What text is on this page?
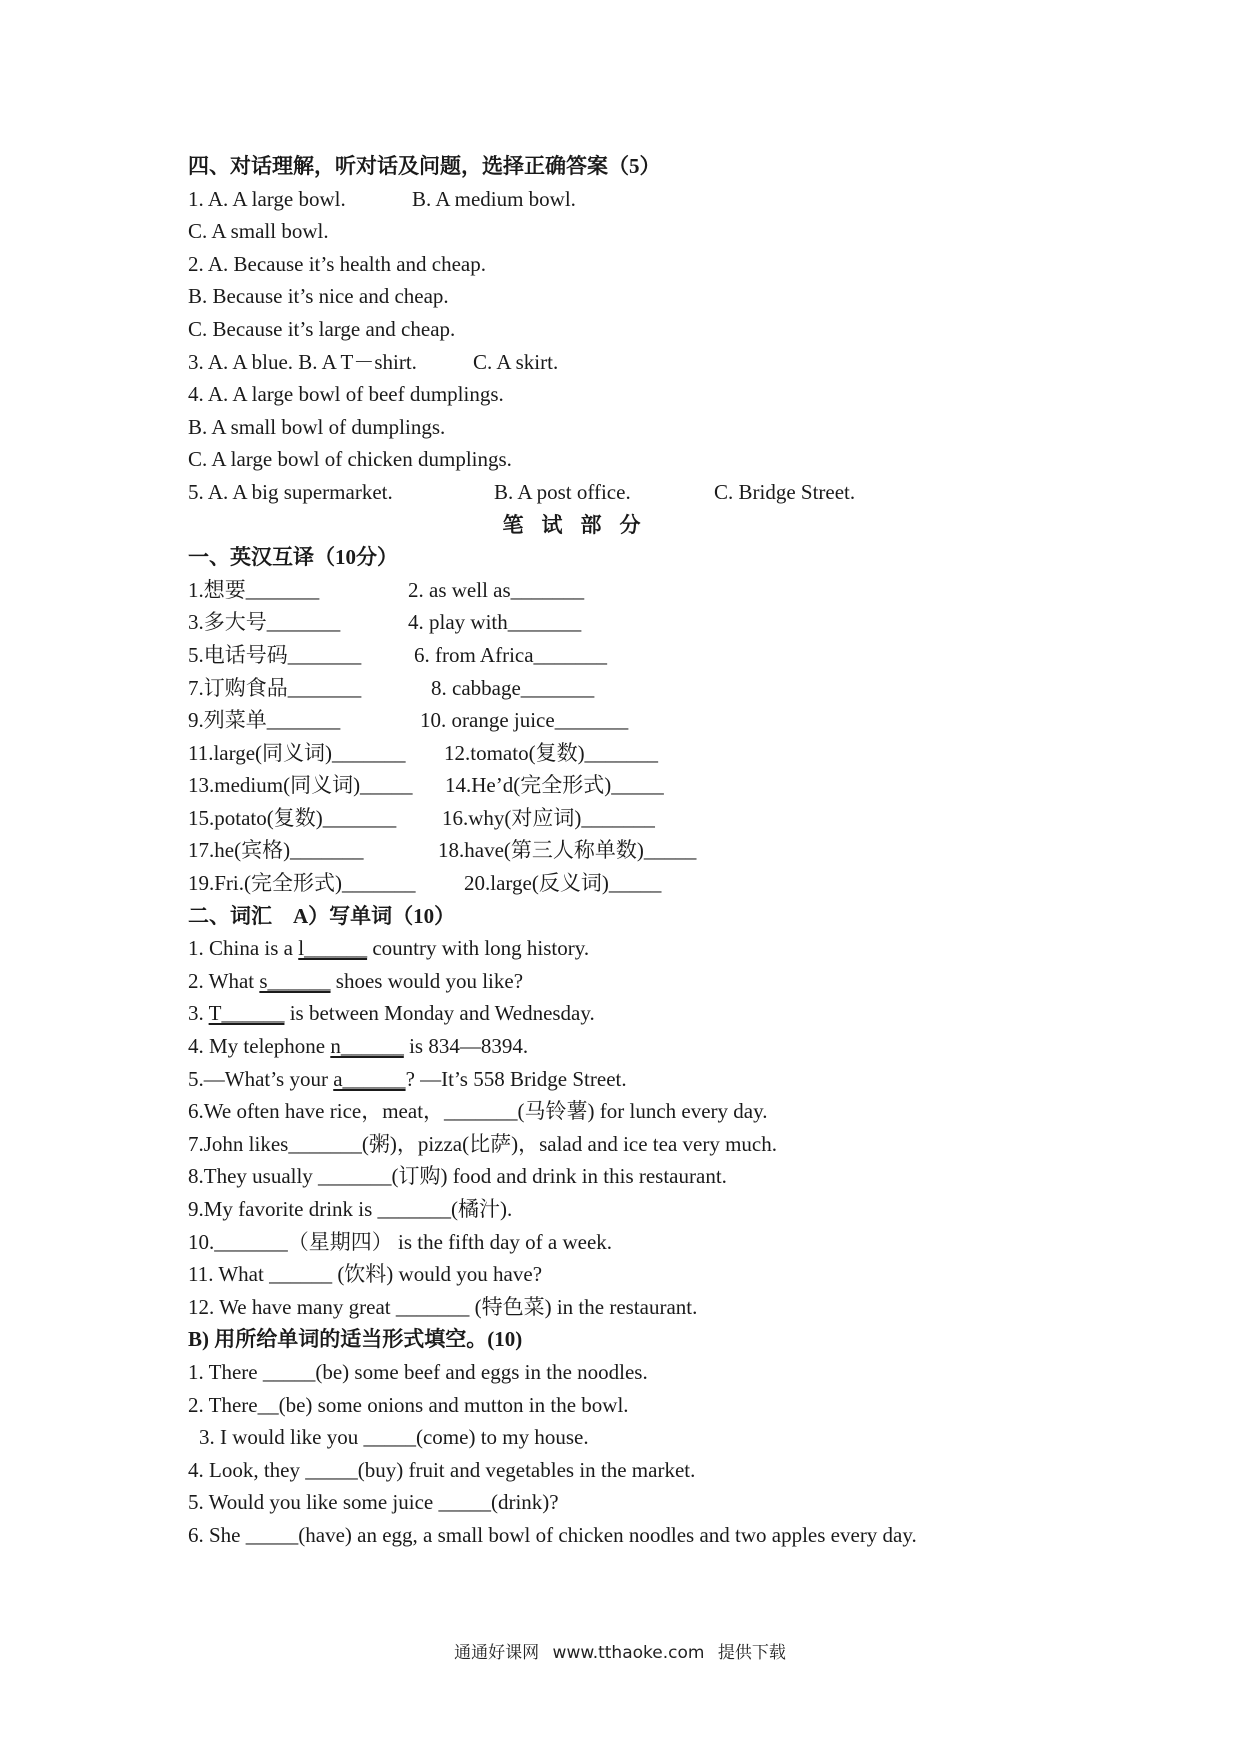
四、对话理解，听对话及问题，选择正确答案（5）
1. A. A large bowl.	B. A medium bowl.
C. A small bowl.
2. A. Because it’s health and cheap.
B. Because it’s nice and cheap.
C. Because it’s large and cheap.
3. A. A blue. B. A T－shirt.	C. A skirt.
4. A. A large bowl of beef dumplings.
B. A small bowl of dumplings.
C. A large bowl of chicken dumplings.
5. A. A big supermarket.	B. A post office.	C. Bridge Street.
笔试部分
一、英汉互译（10分）
1.想要_______	2. as well as_______
3.多大号_______	4. play with_______
5.电话号码_______	6. from Africa_______
7.订购食品_______	8. cabbage_______
9.列菜单_______	10. orange juice_______
11.large(同义词)_______ 12.tomato(复数)_______
13.medium(同义词)_____ 14.He’d(完全形式)_____
15.potato(复数)_______ 16.why(对应词)_______
17.he(宾格)_______	18.have(第三人称单数)_____
19.Fri.(完全形式)_______ 20.large(反义词)_____
二、词汇　A）写单词（10）
1. China is a l______ country with long history.
2. What s______ shoes would you like?
3. T______ is between Monday and Wednesday.
4. My telephone n______ is 834—8394.
5.—What’s your a______? —It’s 558 Bridge Street.
6.We often have rice，meat，_______(马铃薯) for lunch every day.
7.John likes_______(粥)，pizza(比萨)，salad and ice tea very much.
8.They usually _______(订购) food and drink in this restaurant.
9.My favorite drink is _______(橘汁).
10._______（星期四） is the fifth day of a week.
11. What ______ (饮料) would you have?
12. We have many great _______ (特色菜) in the restaurant.
B) 用所给单词的适当形式填空。(10)
1. There _____(be) some beef and eggs in the noodles.
2. There__(be) some onions and mutton in the bowl.
3. I would like you _____(come) to my house.
4. Look, they _____(buy) fruit and vegetables in the market.
5. Would you like some juice _____(drink)?
6. She _____(have) an egg, a small bowl of chicken noodles and two apples every day.
通通好课网 www.tthaoke.com 提供下载
